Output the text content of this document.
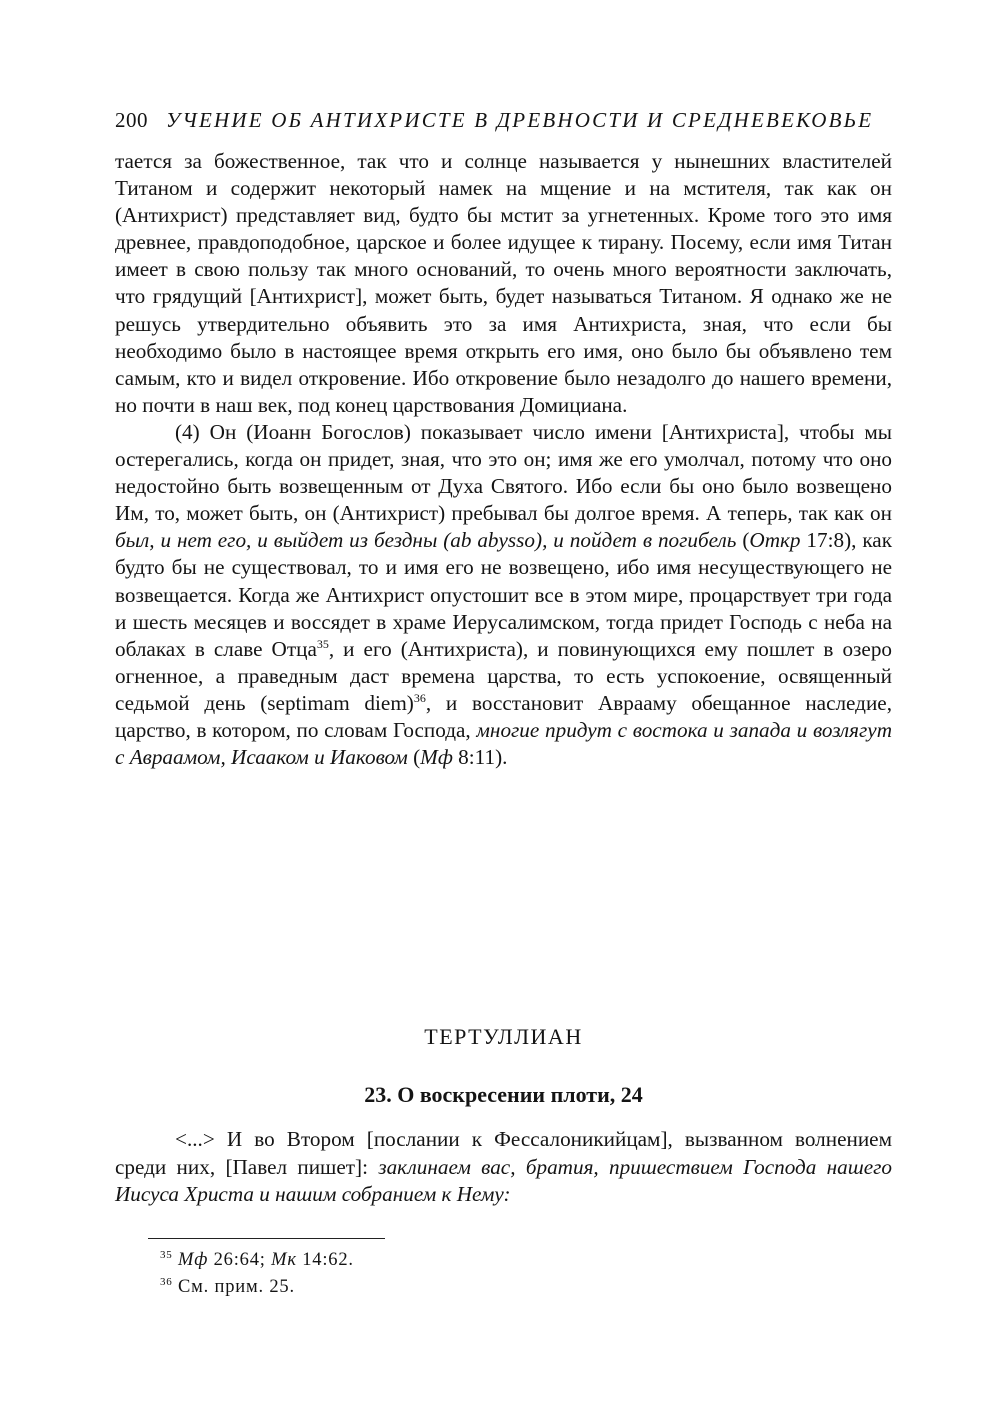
200 УЧЕНИЕ ОБ АНТИХРИСТЕ В ДРЕВНОСТИ И СРЕДНЕВЕКОВЬЕ

тается за божественное, так что и солнце называется у нынешних властителей Титаном и содержит некоторый намек на мщение и на мстителя, так как он (Антихрист) представляет вид, будто бы мстит за угнетенных. Кроме того это имя древнее, правдоподобное, царское и более идущее к тирану. Посему, если имя Титан имеет в свою пользу так много оснований, то очень много вероятности заключать, что грядущий [Антихрист], может быть, будет называться Титаном. Я однако же не решусь утвердительно объявить это за имя Антихриста, зная, что если бы необходимо было в настоящее время открыть его имя, оно было бы объявлено тем самым, кто и видел откровение. Ибо откровение было незадолго до нашего времени, но почти в наш век, под конец царствования Домициана.

(4) Он (Иоанн Богослов) показывает число имени [Антихриста], чтобы мы остерегались, когда он придет, зная, что это он; имя же его умолчал, потому что оно недостойно быть возвещенным от Духа Святого. Ибо если бы оно было возвещено Им, то, может быть, он (Антихрист) пребывал бы долгое время. А теперь, так как он был, и нет его, и выйдет из бездны (ab abysso), и пойдет в погибель (Откр 17:8), как будто бы не существовал, то и имя его не возвещено, ибо имя несуществующего не возвещается. Когда же Антихрист опустошит все в этом мире, процарствует три года и шесть месяцев и воссядет в храме Иерусалимском, тогда придет Господь с неба на облаках в славе Отца$^{35}$, и его (Антихриста), и повинующихся ему пошлет в озеро огненное, а праведным даст времена царства, то есть успокоение, освященный седьмой день (septimam diem)$^{36}$, и восстановит Аврааму обещанное наследие, царство, в котором, по словам Господа, многие придут с востока и запада и возлягут с Авраамом, Исааком и Иаковом (Мф 8:11).

ТЕРТУЛЛИАН
23. О воскресении плоти, 24

<...> И во Втором [послании к Фессалоникийцам], вызванном волнением среди них, [Павел пишет]: заклинаем вас, братия, пришествием Господа нашего Иисуса Христа и нашим собранием к Нему:

$^{35}$ Мф 26:64; Мк 14:62.
$^{36}$ См. прим. 25.
